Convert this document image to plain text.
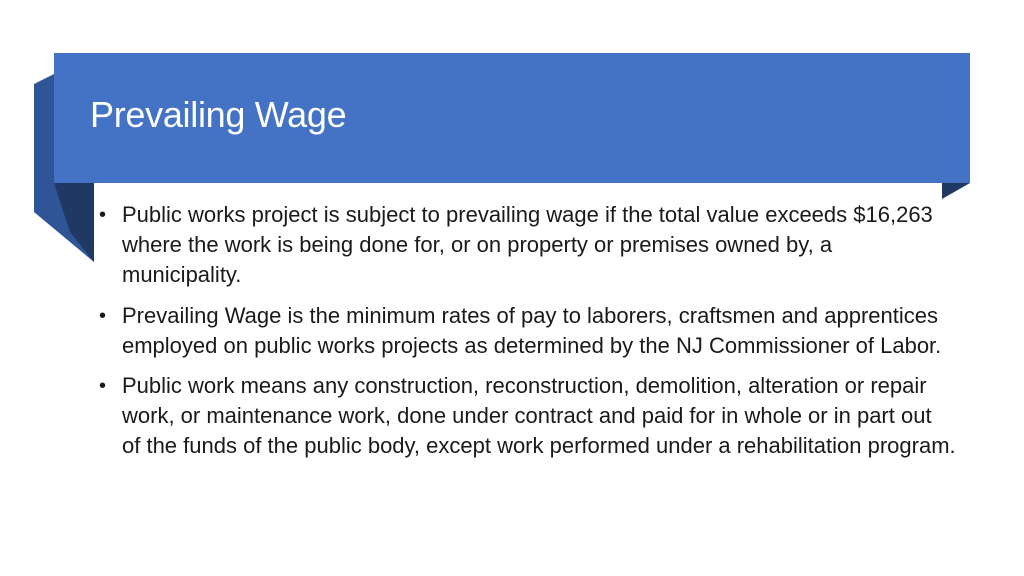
Prevailing Wage
• Public works project is subject to prevailing wage if the total value exceeds $16,263 where the work is being done for, or on property or premises owned by, a municipality.
• Prevailing Wage is the minimum rates of pay to laborers, craftsmen and apprentices employed on public works projects as determined by the NJ Commissioner of Labor.
• Public work means any construction, reconstruction, demolition, alteration or repair work, or maintenance work, done under contract and paid for in whole or in part out of the funds of the public body, except work performed under a rehabilitation program.
